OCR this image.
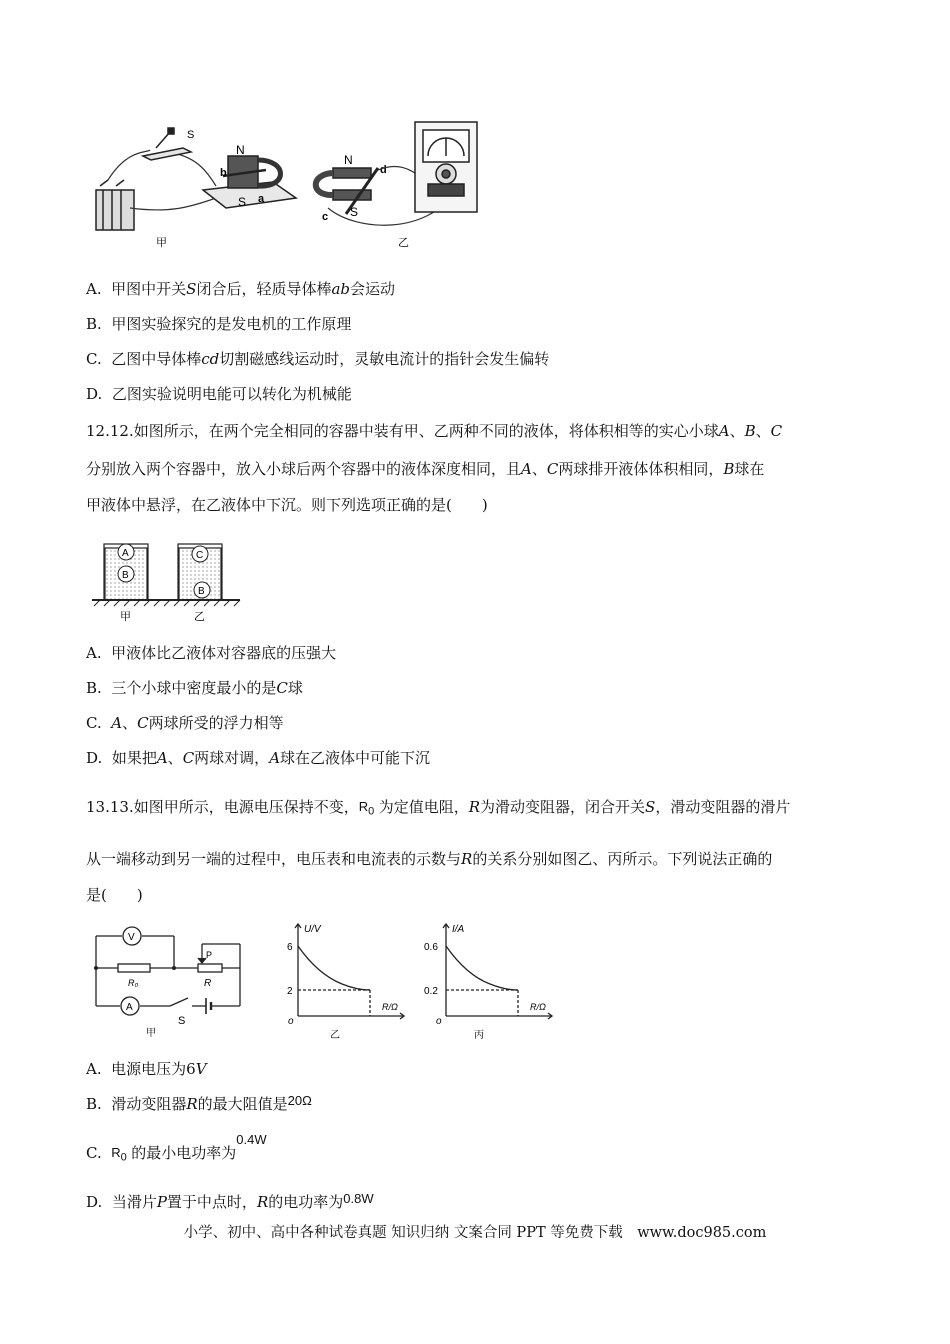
S
N
b
S a
N
d
c S
甲	乙
A. 甲图中开关S闭合后，轻质导体棒ab会运动
B. 甲图实验探究的是发电机的工作原理
C. 乙图中导体棒cd切割磁感线运动时，灵敏电流计的指针会发生偏转
D. 乙图实验说明电能可以转化为机械能
12.12.如图所示，在两个完全相同的容器中装有甲、乙两种不同的液体，将体积相等的实心小球A、B、C
分别放入两个容器中，放入小球后两个容器中的液体深度相同，且A、C两球排开液体体积相同，B球在
甲液体中悬浮，在乙液体中下沉。则下列选项正确的是(　　)
A
B
C
B
甲	乙
A. 甲液体比乙液体对容器底的压强大
B. 三个小球中密度最小的是C球
C. A、C两球所受的浮力相等
D. 如果把A、C两球对调，A球在乙液体中可能下沉
13.13.如图甲所示，电源电压保持不变， $R_0$ 为定值电阻，R为滑动变阻器，闭合开关S，滑动变阻器的滑片
从一端移动到另一端的过程中，电压表和电流表的示数与R的关系分别如图乙、丙所示。下列说法正确的
是(　　)
V
A
P
R₀	R
S
甲
U/V
6
2
R/Ω
o
乙
I/A
0.6
0.2
R/Ω
o
丙
A. 电源电压为6V
B. 滑动变阻器R的最大阻值是20Ω
C. $R_0$ 的最小电功率为0.4W
D. 当滑片P置于中点时，R的电功率为0.8W
小学、初中、高中各种试卷真题 知识归纳 文案合同 PPT 等免费下载　www.doc985.com
